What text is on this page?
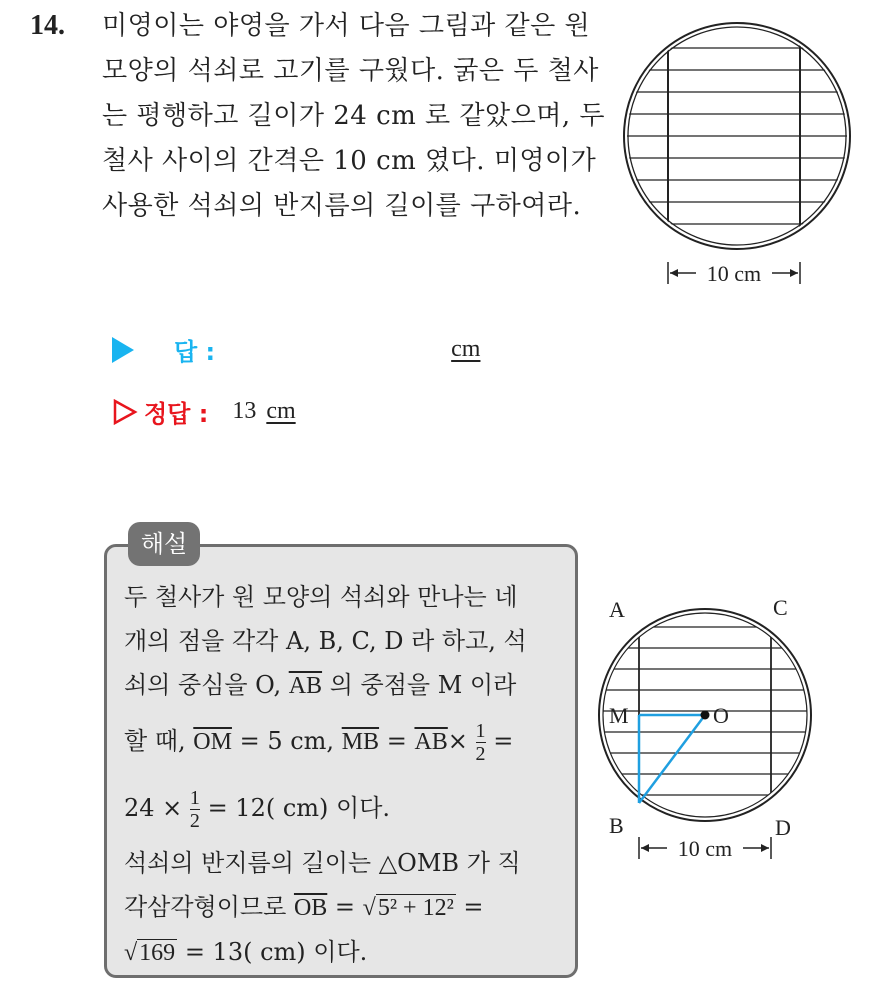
14. 미영이는 야영을 가서 다음 그림과 같은 원
모양의 석쇠로 고기를 구웠다. 굵은 두 철사
는 평행하고 길이가 24 cm 로 같았으며, 두
철사 사이의 간격은 10 cm 였다. 미영이가
사용한 석쇠의 반지름의 길이를 구하여라.
10 cm
답 :	cm
정답 : 13 cm
해설
두 철사가 원 모양의 석쇠와 만나는 네
개의 점을 각각 A, B, C, D 라 하고, 석
쇠의 중심을 O, $\overline{AB}$ 의 중점을 M 이라
할 때, $\overline{OM} = 5$ cm, $\overline{MB} = \overline{AB}\times \frac{1}{2}$ =
$24 \times \frac{1}{2} = 12$( cm) 이다.
석쇠의 반지름의 길이는 △OMB 가 직
각삼각형이므로 $\overline{OB} = √5^2 + 12^2$ =
√169 = 13( cm) 이다.
A	C
B	D
M	O
10 cm
